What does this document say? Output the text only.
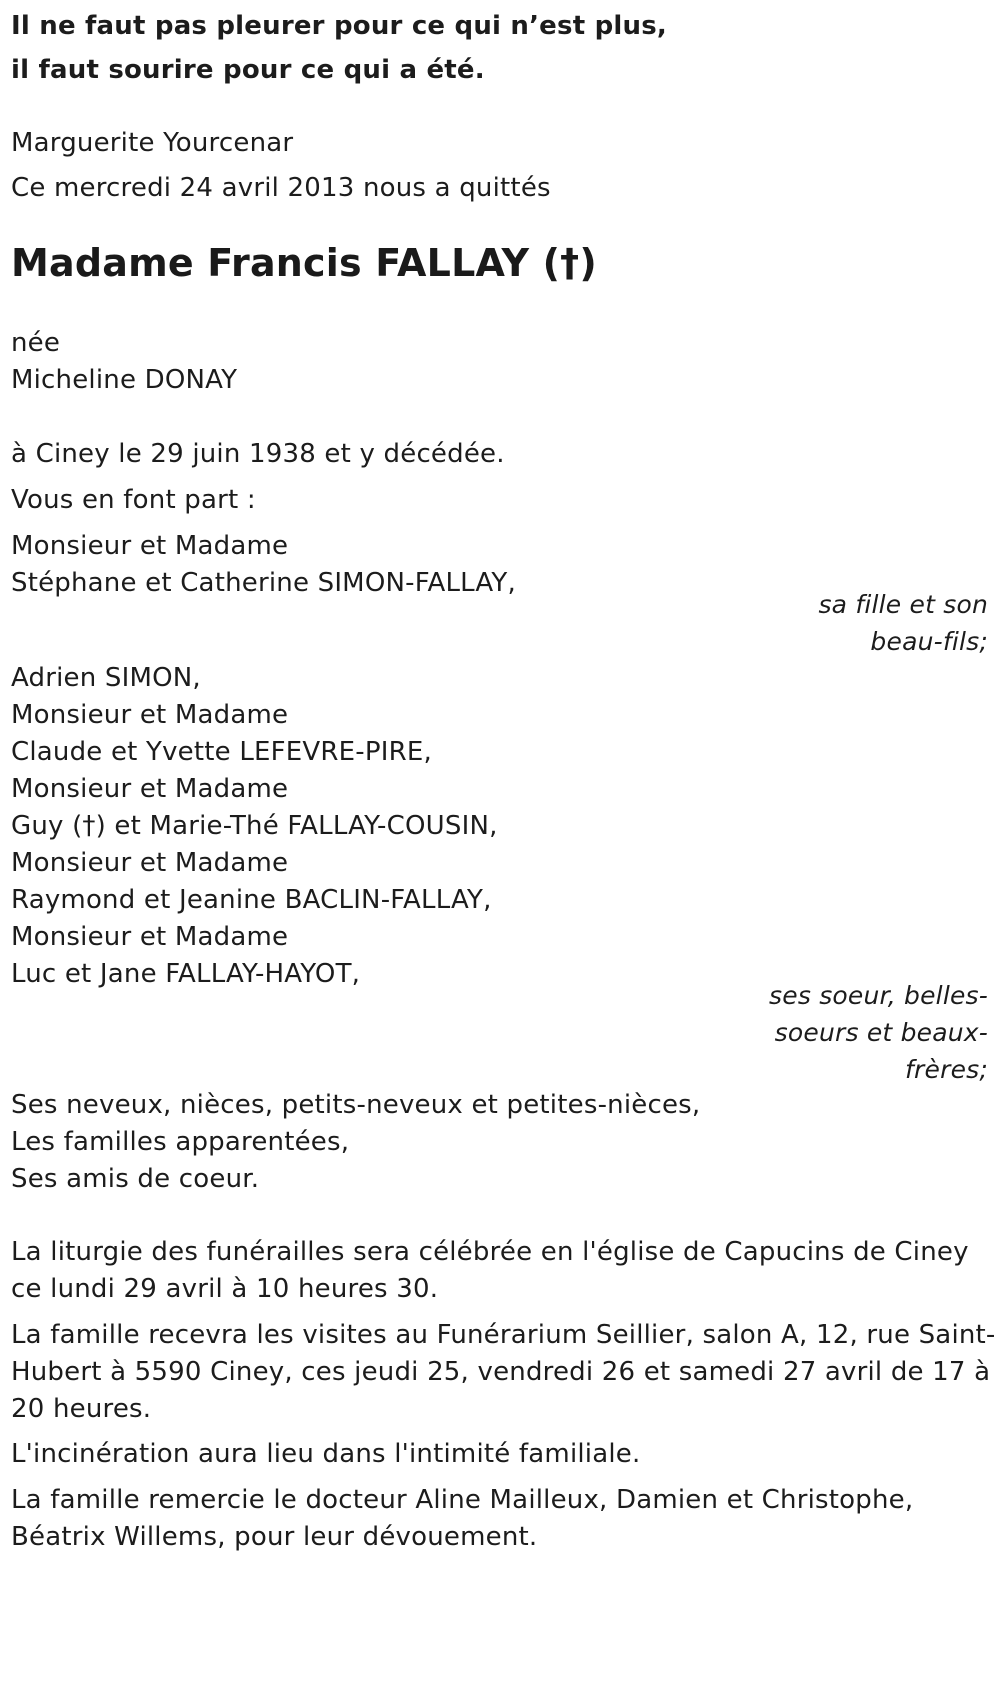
Il ne faut pas pleurer pour ce qui n’est plus,
il faut sourire pour ce qui a été.
Marguerite Yourcenar
Ce mercredi 24 avril 2013 nous a quittés
Madame Francis FALLAY (†)
née
Micheline DONAY
à Ciney le 29 juin 1938 et y décédée.
Vous en font part :
Monsieur et Madame
Stéphane et Catherine SIMON-FALLAY,
sa fille et son
beau-fils;
Adrien SIMON,
Monsieur et Madame
Claude et Yvette LEFEVRE-PIRE,
Monsieur et Madame
Guy (†) et Marie-Thé FALLAY-COUSIN,
Monsieur et Madame
Raymond et Jeanine BACLIN-FALLAY,
Monsieur et Madame
Luc et Jane FALLAY-HAYOT,
ses soeur, belles-
soeurs et beaux-
frères;
Ses neveux, nièces, petits-neveux et petites-nièces,
Les familles apparentées,
Ses amis de coeur.
La liturgie des funérailles sera célébrée en l'église de Capucins de Ciney
ce lundi 29 avril à 10 heures 30.
La famille recevra les visites au Funérarium Seillier, salon A, 12, rue Saint-
Hubert à 5590 Ciney, ces jeudi 25, vendredi 26 et samedi 27 avril de 17 à
20 heures.
L'incinération aura lieu dans l'intimité familiale.
La famille remercie le docteur Aline Mailleux, Damien et Christophe,
Béatrix Willems, pour leur dévouement.
